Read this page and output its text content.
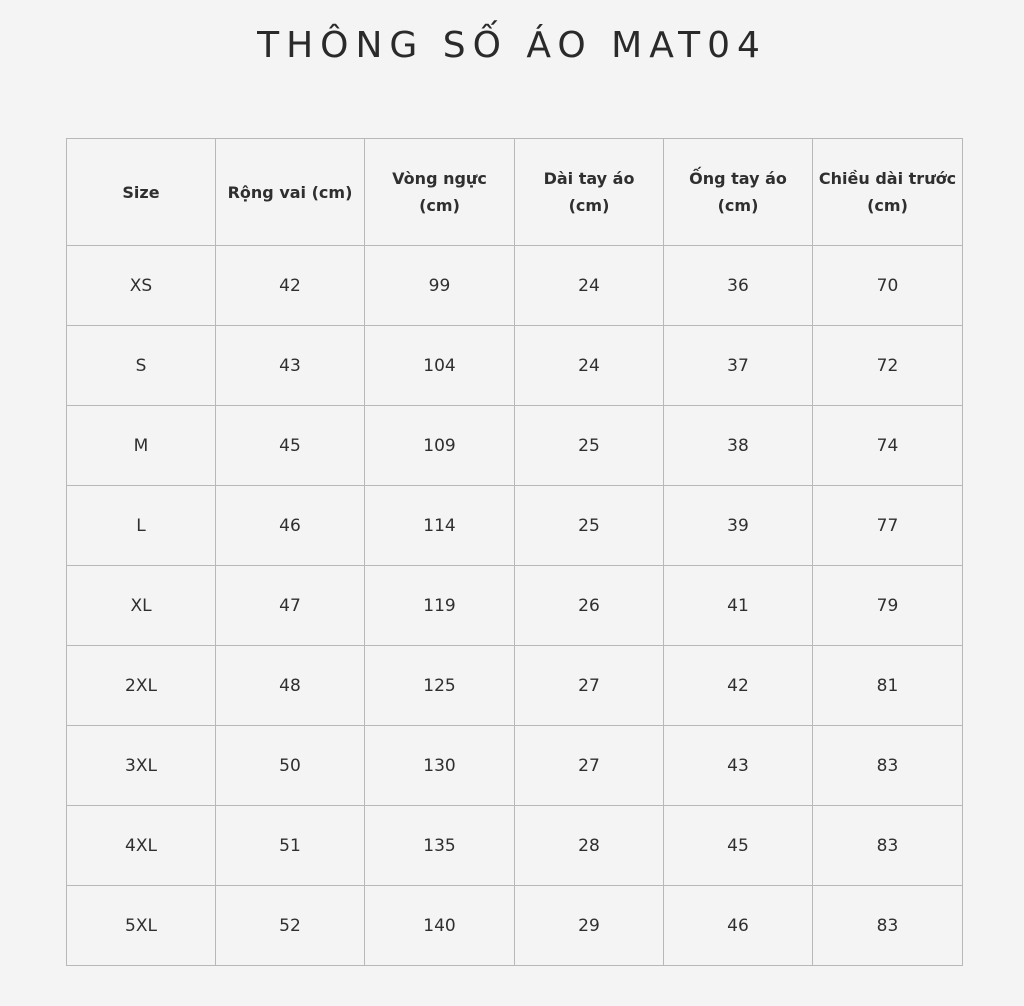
THÔNG SỐ ÁO MAT04
Size	Rộng vai (cm)	Vòng ngực (cm)	Dài tay áo (cm)	Ống tay áo (cm)	Chiều dài trước (cm)
XS	42	99	24	36	70
S	43	104	24	37	72
M	45	109	25	38	74
L	46	114	25	39	77
XL	47	119	26	41	79
2XL	48	125	27	42	81
3XL	50	130	27	43	83
4XL	51	135	28	45	83
5XL	52	140	29	46	83
